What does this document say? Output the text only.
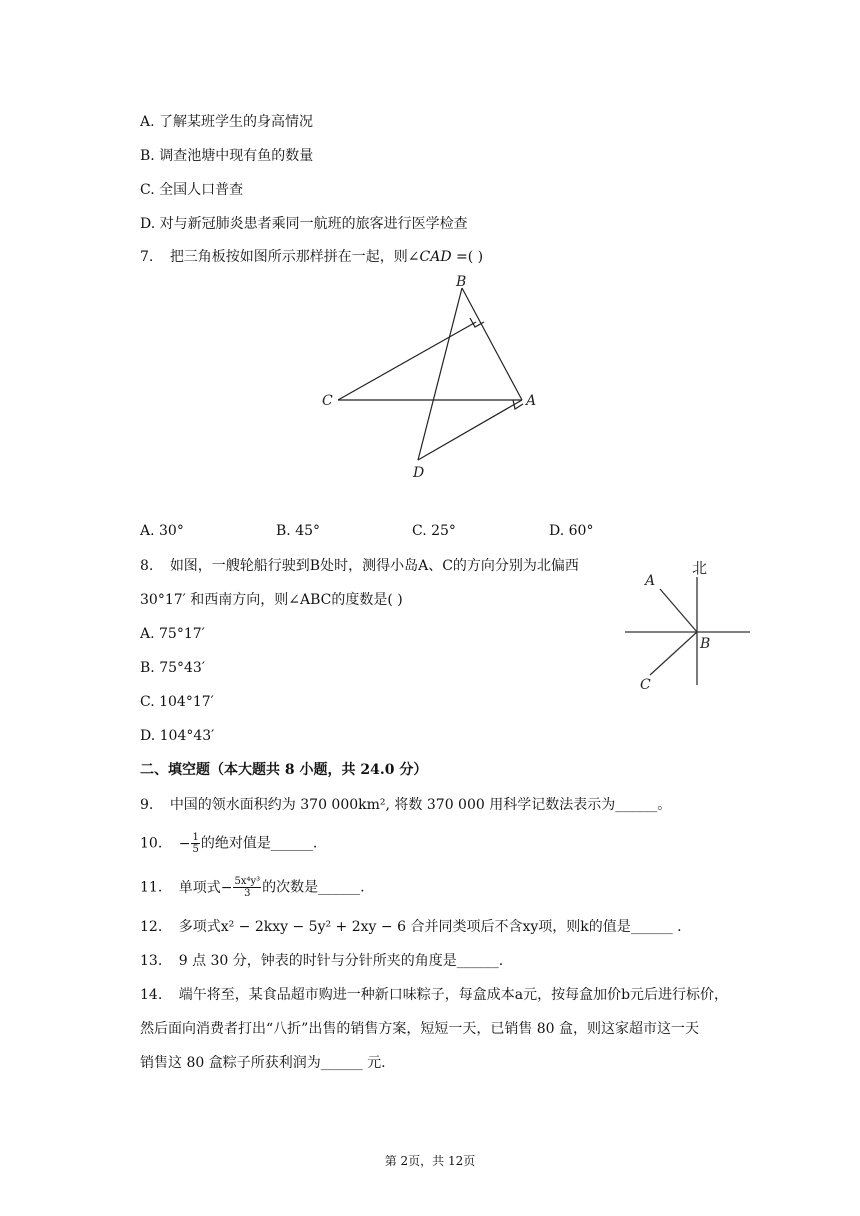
A. 了解某班学生的身高情况
B. 调查池塘中现有鱼的数量
C. 全国人口普查
D. 对与新冠肺炎患者乘同一航班的旅客进行医学检查
7. 把三角板按如图所示那样拼在一起，则∠CAD =( )
B
C	A
D
A. 30°	B. 45°	C. 25°	D. 60°
8. 如图，一艘轮船行驶到B处时，测得小岛A、C的方向分别为北偏西
30°17′ 和西南方向，则∠ABC的度数是( )
北
A
B
C
A. 75°17′
B. 75°43′
C. 104°17′
D. 104°43′
二、填空题（本大题共 8 小题，共 24.0 分）
9. 中国的领水面积约为 370 000km², 将数 370 000 用科学记数法表示为______。
10. − $\frac{1}{5}$ 的绝对值是______.
11. 单项式− $\frac{\text{5x⁴y³}}{3}$ 的次数是______.
12. 多项式x² − 2kxy − 5y² + 2xy − 6 合并同类项后不含xy项，则k的值是______ .
13. 9 点 30 分，钟表的时针与分针所夹的角度是______.
14. 端午将至，某食品超市购进一种新口味粽子，每盒成本a元，按每盒加价b元后进行标价，
然后面向消费者打出“八折”出售的销售方案，短短一天，已销售 80 盒，则这家超市这一天
销售这 80 盒粽子所获利润为______ 元.
第 2页，共 12页
